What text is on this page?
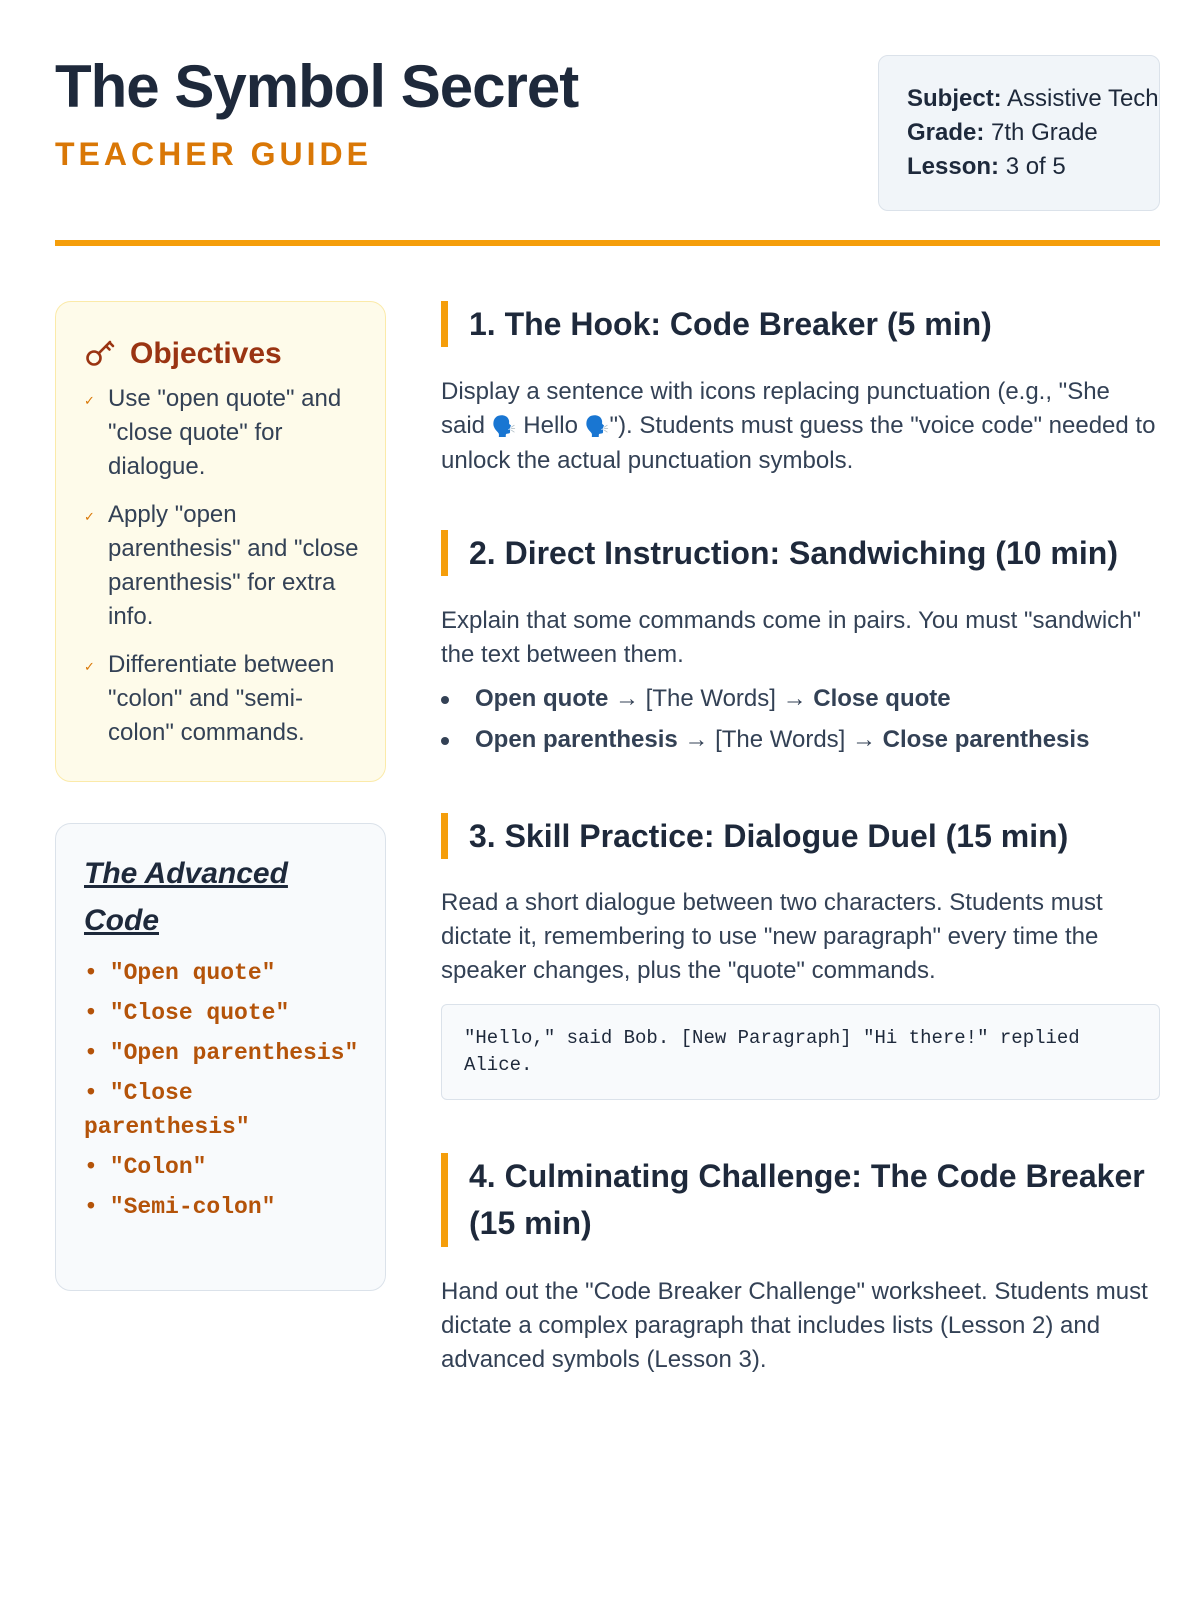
The Symbol Secret
TEACHER GUIDE
Subject: Assistive Tech
Grade: 7th Grade
Lesson: 3 of 5
Objectives
✓ Use "open quote" and "close quote" for dialogue.
✓ Apply "open parenthesis" and "close parenthesis" for extra info.
✓ Differentiate between "colon" and "semi-colon" commands.
The Advanced Code
• "Open quote"
• "Close quote"
• "Open parenthesis"
• "Close parenthesis"
• "Colon"
• "Semi-colon"
1. The Hook: Code Breaker (5 min)
Display a sentence with icons replacing punctuation (e.g., "She said 🗣️ Hello 🗣️"). Students must guess the "voice code" needed to unlock the actual punctuation symbols.
2. Direct Instruction: Sandwiching (10 min)
Explain that some commands come in pairs. You must "sandwich" the text between them.
Open quote → [The Words] → Close quote
Open parenthesis → [The Words] → Close parenthesis
3. Skill Practice: Dialogue Duel (15 min)
Read a short dialogue between two characters. Students must dictate it, remembering to use "new paragraph" every time the speaker changes, plus the "quote" commands.
"Hello," said Bob. [New Paragraph] "Hi there!" replied Alice.
4. Culminating Challenge: The Code Breaker (15 min)
Hand out the "Code Breaker Challenge" worksheet. Students must dictate a complex paragraph that includes lists (Lesson 2) and advanced symbols (Lesson 3).
